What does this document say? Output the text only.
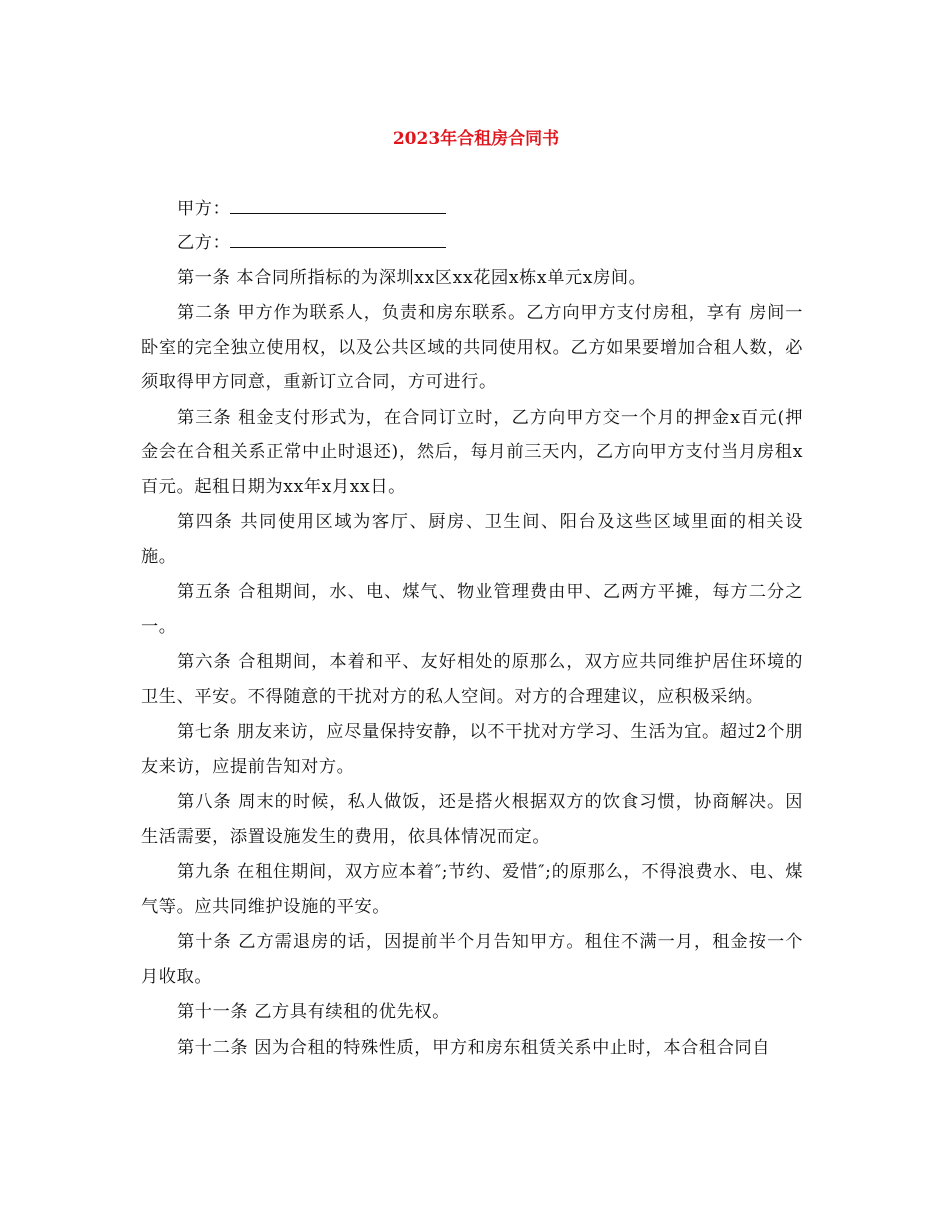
2023年合租房合同书

甲方：

乙方：

第一条 本合同所指标的为深圳xx区xx花园x栋x单元x房间。

第二条 甲方作为联系人，负责和房东联系。乙方向甲方支付房租，享有 房间一卧室的完全独立使用权，以及公共区域的共同使用权。乙方如果要增加合租人数，必须取得甲方同意，重新订立合同，方可进行。

第三条 租金支付形式为，在合同订立时，乙方向甲方交一个月的押金x百元(押金会在合租关系正常中止时退还)，然后，每月前三天内，乙方向甲方支付当月房租x百元。起租日期为xx年x月xx日。

第四条 共同使用区域为客厅、厨房、卫生间、阳台及这些区域里面的相关设施。

第五条 合租期间，水、电、煤气、物业管理费由甲、乙两方平摊，每方二分之一。

第六条 合租期间，本着和平、友好相处的原那么，双方应共同维护居住环境的卫生、平安。不得随意的干扰对方的私人空间。对方的合理建议，应积极采纳。

第七条 朋友来访，应尽量保持安静，以不干扰对方学习、生活为宜。超过2个朋友来访，应提前告知对方。

第八条 周末的时候，私人做饭，还是搭火根据双方的饮食习惯，协商解决。因生活需要，添置设施发生的费用，依具体情况而定。

第九条 在租住期间，双方应本着″;节约、爱惜″;的原那么，不得浪费水、电、煤气等。应共同维护设施的平安。

第十条 乙方需退房的话，因提前半个月告知甲方。租住不满一月，租金按一个月收取。

第十一条 乙方具有续租的优先权。

第十二条 因为合租的特殊性质，甲方和房东租赁关系中止时，本合租合同自
